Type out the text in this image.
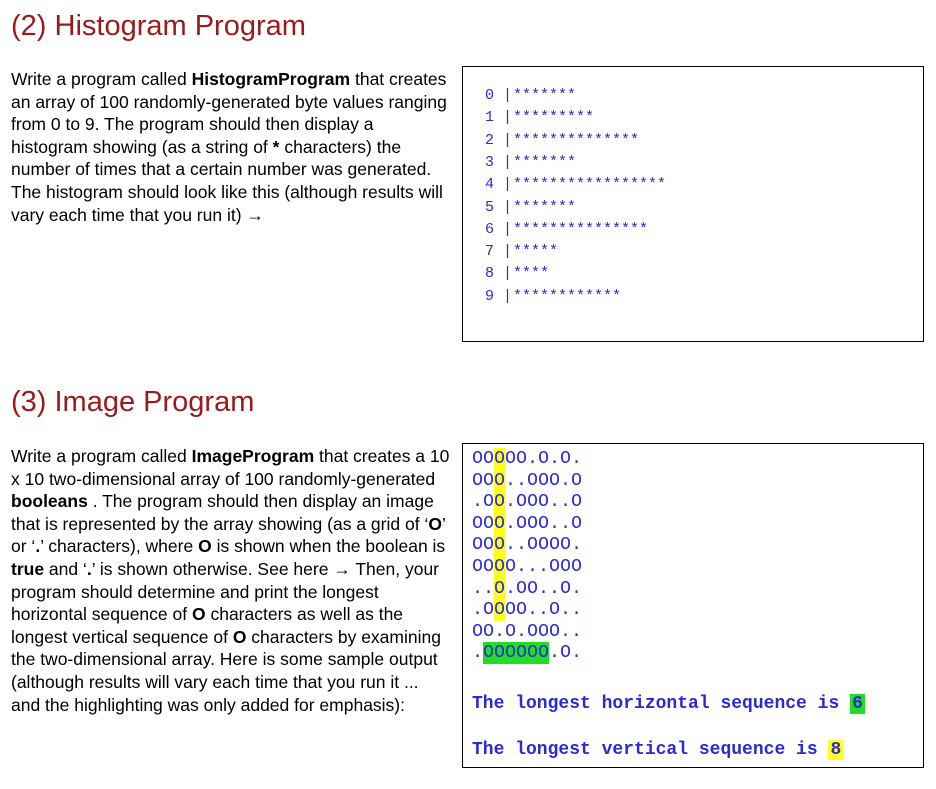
(2) Histogram Program

Write a program called HistogramProgram that creates an array of 100 randomly-generated byte values ranging from 0 to 9. The program should then display a histogram showing (as a string of * characters) the number of times that a certain number was generated. The histogram should look like this (although results will vary each time that you run it) →

0 |*******
1 |*********
2 |**************
3 |*******
4 |*****************
5 |*******
6 |***************
7 |*****
8 |****
9 |************
(3) Image Program

Write a program called ImageProgram that creates a 10 x 10 two-dimensional array of 100 randomly-generated booleans . The program should then display an image that is represented by the array showing (as a grid of ‘O’ or ‘.’ characters), where O is shown when the boolean is true and ‘.’ is shown otherwise. See here → Then, your program should determine and print the longest horizontal sequence of O characters as well as the longest vertical sequence of O characters by examining the two-dimensional array. Here is some sample output (although results will vary each time that you run it ... and the highlighting was only added for emphasis):	The longest horizontal sequence is 6
The longest vertical sequence is 8
OOOOO.O.O.
OOO..OOO.O
.OO.OOO..O
OOO.OOO..O
OOO..OOOO.
OOOO...OOO
..O.OO..O.
.OOOO..O..
OO.O.OOO..
.OOOOOO.O.
